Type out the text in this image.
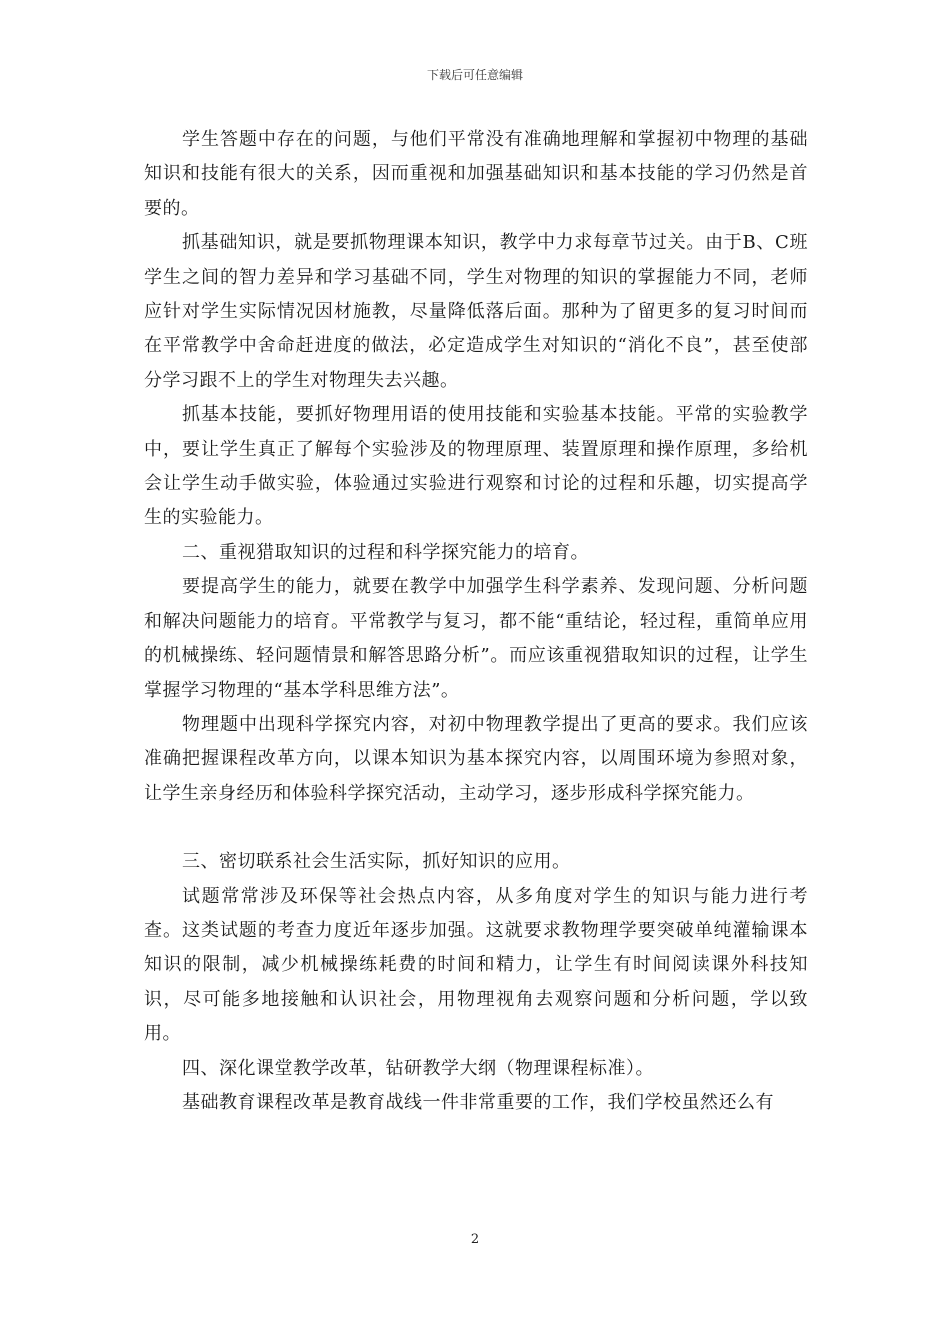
下载后可任意编辑

学生答题中存在的问题，与他们平常没有准确地理解和掌握初中物理的基础知识和技能有很大的关系，因而重视和加强基础知识和基本技能的学习仍然是首要的。

抓基础知识，就是要抓物理课本知识，教学中力求每章节过关。由于B、C班学生之间的智力差异和学习基础不同，学生对物理的知识的掌握能力不同，老师应针对学生实际情况因材施教，尽量降低落后面。那种为了留更多的复习时间而在平常教学中舍命赶进度的做法，必定造成学生对知识的“消化不良”，甚至使部分学习跟不上的学生对物理失去兴趣。

抓基本技能，要抓好物理用语的使用技能和实验基本技能。平常的实验教学中，要让学生真正了解每个实验涉及的物理原理、装置原理和操作原理，多给机会让学生动手做实验，体验通过实验进行观察和讨论的过程和乐趣，切实提高学生的实验能力。

二、重视猎取知识的过程和科学探究能力的培育。

要提高学生的能力，就要在教学中加强学生科学素养、发现问题、分析问题和解决问题能力的培育。平常教学与复习，都不能“重结论，轻过程，重简单应用的机械操练、轻问题情景和解答思路分析”。而应该重视猎取知识的过程，让学生掌握学习物理的“基本学科思维方法”。

物理题中出现科学探究内容，对初中物理教学提出了更高的要求。我们应该准确把握课程改革方向，以课本知识为基本探究内容，以周围环境为参照对象，让学生亲身经历和体验科学探究活动，主动学习，逐步形成科学探究能力。

三、密切联系社会生活实际，抓好知识的应用。

试题常常涉及环保等社会热点内容，从多角度对学生的知识与能力进行考查。这类试题的考查力度近年逐步加强。这就要求教物理学要突破单纯灌输课本知识的限制，减少机械操练耗费的时间和精力，让学生有时间阅读课外科技知识，尽可能多地接触和认识社会，用物理视角去观察问题和分析问题，学以致用。

四、深化课堂教学改革，钻研教学大纲（物理课程标准）。

基础教育课程改革是教育战线一件非常重要的工作，我们学校虽然还么有

2
